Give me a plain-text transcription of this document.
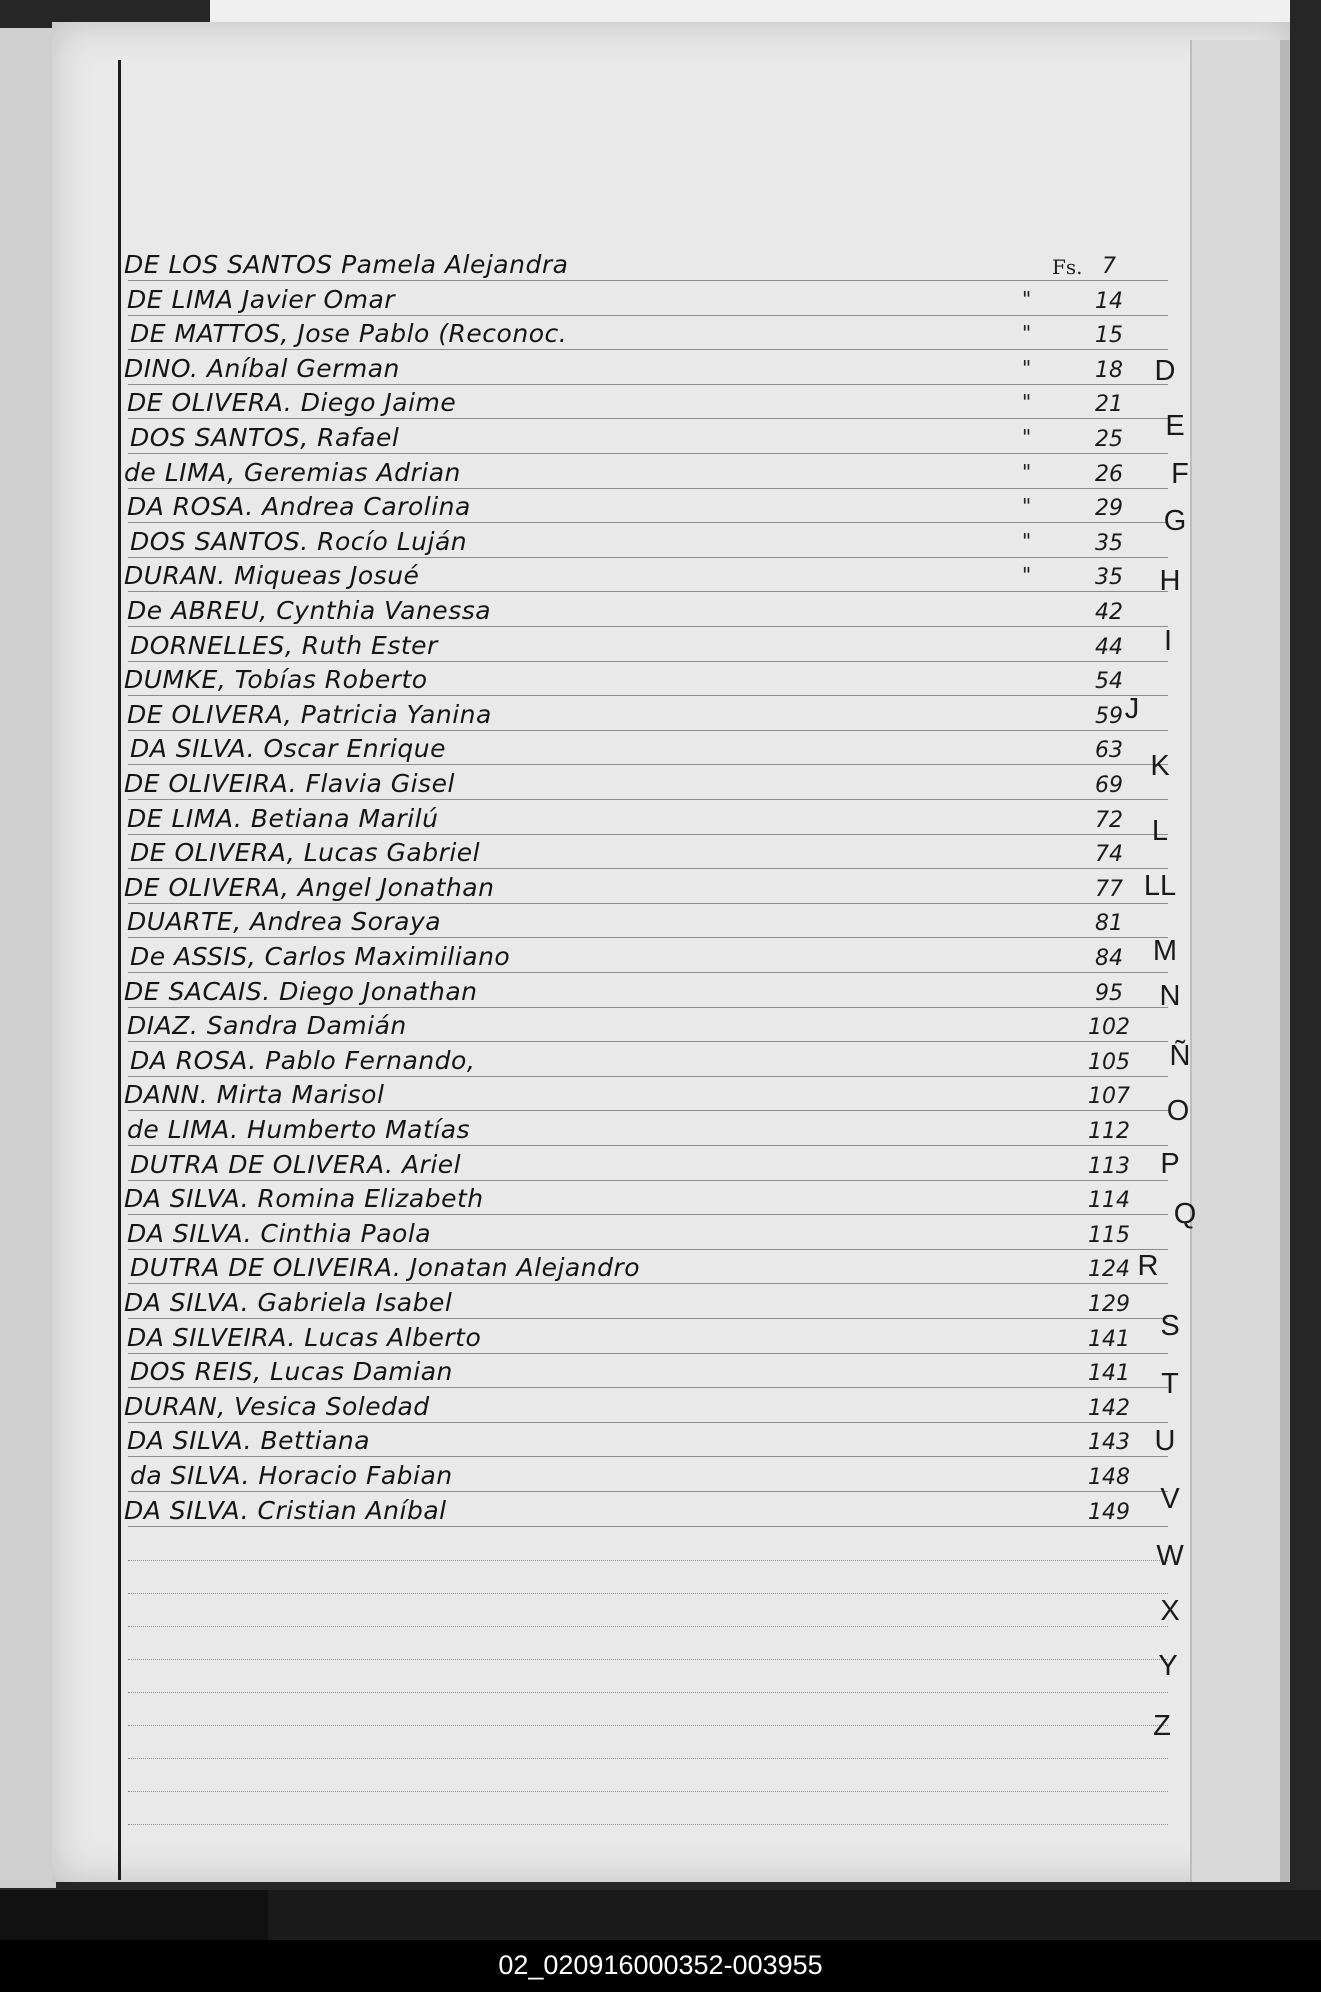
Fs.
DE LOS SANTOS Pamela Alejandra	7
DE LIMA Javier Omar	"	14
DE MATTOS, Jose Pablo (Reconoc.	"	15
DINO. Aníbal German	"	18
DE OLIVERA. Diego Jaime	"	21
DOS SANTOS, Rafael	"	25
de LIMA, Geremias Adrian	"	26
DA ROSA. Andrea Carolina	"	29
DOS SANTOS. Rocío Luján	"	35
DURAN. Miqueas Josué	"	35
De ABREU, Cynthia Vanessa	42
DORNELLES, Ruth Ester	44
DUMKE, Tobías Roberto	54
DE OLIVERA, Patricia Yanina	59
DA SILVA. Oscar Enrique	63
DE OLIVEIRA. Flavia Gisel	69
DE LIMA. Betiana Marilú	72
DE OLIVERA, Lucas Gabriel	74
DE OLIVERA, Angel Jonathan	77
DUARTE, Andrea Soraya	81
De ASSIS, Carlos Maximiliano	84
DE SACAIS. Diego Jonathan	95
DIAZ. Sandra Damián	102
DA ROSA. Pablo Fernando,	105
DANN. Mirta Marisol	107
de LIMA. Humberto Matías	112
DUTRA DE OLIVERA. Ariel	113
DA SILVA. Romina Elizabeth	114
DA SILVA. Cinthia Paola	115
DUTRA DE OLIVEIRA. Jonatan Alejandro	124
DA SILVA. Gabriela Isabel	129
DA SILVEIRA. Lucas Alberto	141
DOS REIS, Lucas Damian	141
DURAN, Vesica Soledad	142
DA SILVA. Bettiana	143
da SILVA. Horacio Fabian	148
DA SILVA. Cristian Aníbal	149
D
E
F
G
H
I
J
K
L
LL
M
N
Ñ
O
P
Q
R
S
T
U
V
W
X
Y
Z
02_020916000352-003955
